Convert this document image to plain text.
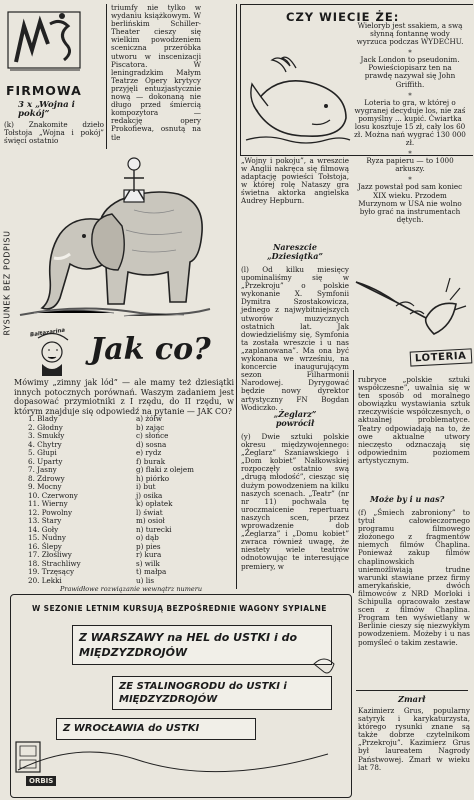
FIRMOWA
3 x „Wojna i pokój”
(k) Znakomite dzieło Tołstoja „Wojna i pokój” święci ostatnio
triumfy nie tylko w wydaniu książkowym. W berlińskim Schiller-Theater cieszy się wielkim powodzeniem sceniczna przeróbka utworu w inscenizacji Piscatora. W leningradzkim Małym Teatrze Opery krytycy przyjęli entuzjastycznie nową — dokonaną nie długo przed śmiercią kompozytora — redakcję opery Prokofiewa, osnutą na tle
RYSUNEK BEZ PODPISU	Baltazarina Jak co?
Mówimy „zimny jak lód” — ale mamy też dziesiątki innych potocznych porównań. Waszym zadaniem jest dopasować przymiotniki z I rzędu, do II rzędu, w którym znajduje się odpowiedź na pytanie — JAK CO?
1. Blady
2. Głodny
3. Smukły
4. Chytry
5. Głupi
6. Uparty
7. Jasny
8. Zdrowy
9. Mocny
10. Czerwony
11. Wierny
12. Powolny
13. Stary
14. Goły
15. Nudny
16. Ślepy
17. Złośliwy
18. Strachliwy
19. Trzęsący
20. Lekki
a) żółw
b) zając
c) słońce
d) sosna
e) rydz
f) burak
g) flaki z olejem
h) piórko
i) but
j) osika
k) opłatek
l) świat
m) osioł
n) turecki
o) dąb
p) pies
r) kura
s) wilk
t) małpa
u) lis
Prawidłowe rozwiązanie wewnątrz numeru
„Wojny i pokoju”, a wreszcie w Anglii nakręca się filmową adaptację powieści Tołstoja, w której rolę Nataszy gra świetna aktorka angielska Audrey Hepburn.
Nareszcie „Dziesiątka”
(l) Od kilku miesięcy upominaliśmy się w „Przekroju” o polskie wykonanie X. Symfonii Dymitra Szostakowicza, jednego z najwybitniejszych utworów muzycznych ostatnich lat. Jak dowiedzieliśmy się, Symfonia ta została wreszcie i u nas „zaplanowana”. Ma ona być wykonana we wrześniu, na koncercie inaugurującym sezon Filharmonii Narodowej. Dyrygować będzie nowy dyrektor artystyczny FN Bogdan Wodiczko.
„Żeglarz” powrócił
(y) Dwie sztuki polskie okresu międzywojennego: „Żeglarz” Szaniawskiego i „Dom kobiet” Nałkowskiej rozpoczęły ostatnio swą „drugą młodość”, ciesząc się dużym powodzeniem na kilku naszych scenach. „Teatr” (nr nr 11) pochwala tę uroczmaicenie repertuaru naszych scen, przez wprowadzenie dob „Żeglarza” i „Domu kobiet” zwraca również uwagę, że niestety wiele teatrów odnotowując te interesujące premiery, w
CZY WIECIE ŻE:
Wieloryb jest ssakiem, a swą słynną fontannę wody wyrzuca podczas WYDECHU.
*
Jack London to pseudonim. Powieściopisarz ten na prawdę nazywał się John Griffith.
*
Loteria to gra, w której o wygranej decyduje los, nie zaś pomyślny ... kupić. Ćwiartka losu kosztuje 15 zł, cały los 60 zł. Można nań wygrać 130 000 zł.
*
Ryza papieru — to 1000 arkuszy.
*
Jazz powstał pod sam koniec XIX wieku. Przodem Murzynom w USA nie wolno było grać na instrumentach dętych.
LOTERIA
rubryce „polskie sztuki współczesne”, uwalnia się w ten sposób od moralnego obowiązku wystawiania sztuk rzeczywiście współczesnych, o aktualnej problematyce. Teatry odpowiadają na to, że owe aktualne utwory nieczęsto odznaczają się odpowiednim poziomem artystycznym.
Może by i u nas?
(f) „Śmiech zabroniony” to tytuł całowieczornego programu filmowego złożonego z fragmentów niemych filmów Chaplina. Ponieważ zakup filmów chaplinowskich uniemożliwiają trudne warunki stawiane przez firmy amerykańskie, dwóch filmowców z NRD Morloki i Schipulla opracowało zestaw scen z filmów Chaplina. Program ten wyświetlany w Berlinie cieszy się niezwykłym powodzeniem. Możeby i u nas pomyśleć o takim zestawie.
Zmarł
Kazimierz Grus, popularny satyryk i karykaturzysta, którego rysunki znane są także dobrze czytelnikom „Przekroju”. Kazimierz Grus był laureatem Nagrody Państwowej. Zmarł w wieku lat 78.
W SEZONIE LETNIM KURSUJĄ BEZPOŚREDNIE WAGONY SYPIALNE
Z WARSZAWY na HEL do USTKI i do MIĘDZYZDROJÓW
ZE STALINOGRODU do USTKI i MIĘDZYZDROJÓW
Z WROCŁAWIA do USTKI
ORBIS
